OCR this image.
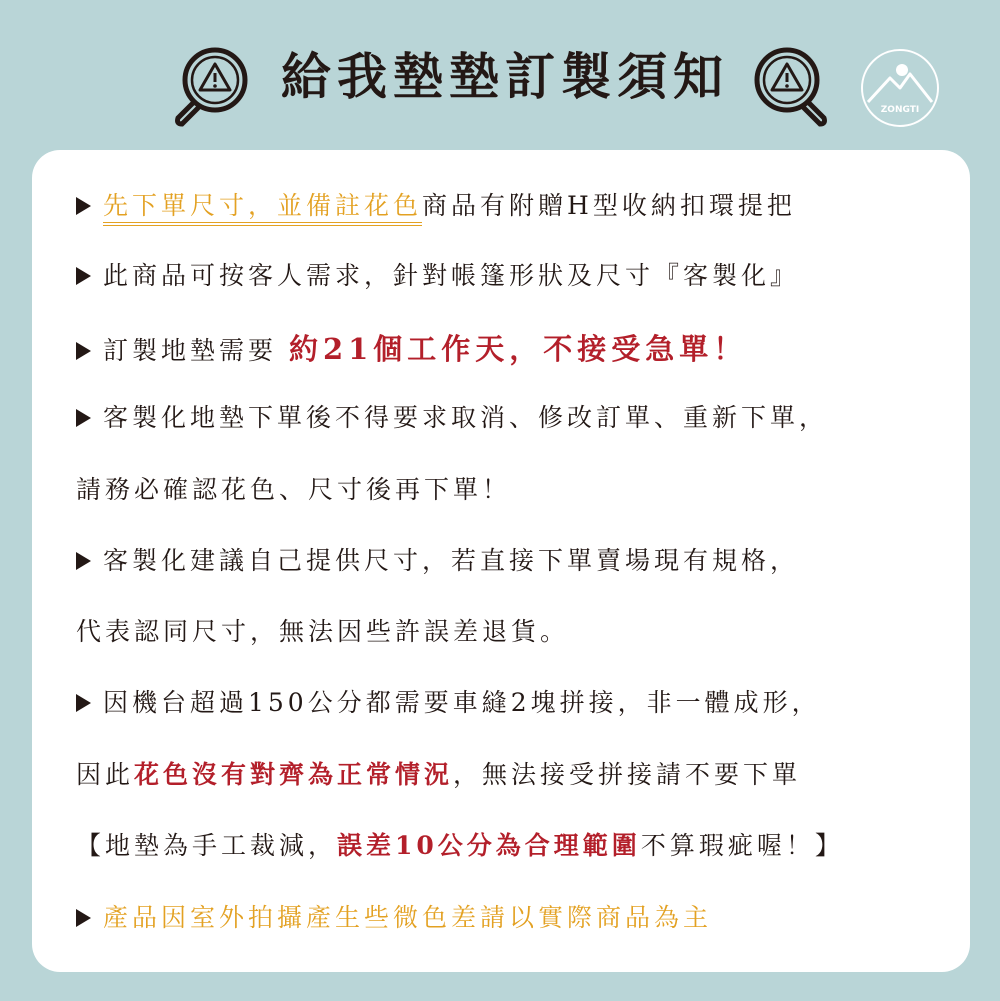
給我墊墊訂製須知
ZONGTI
先下單尺寸，並備註花色商品有附贈H型收納扣環提把
此商品可按客人需求，針對帳篷形狀及尺寸『客製化』
訂製地墊需要 約21個工作天，不接受急單！
客製化地墊下單後不得要求取消、修改訂單、重新下單，
請務必確認花色、尺寸後再下單！
客製化建議自己提供尺寸，若直接下單賣場現有規格，
代表認同尺寸，無法因些許誤差退貨。
因機台超過150公分都需要車縫2塊拼接，非一體成形，
因此花色沒有對齊為正常情況，無法接受拼接請不要下單
【地墊為手工裁減，誤差10公分為合理範圍不算瑕疵喔！】
產品因室外拍攝產生些微色差請以實際商品為主
